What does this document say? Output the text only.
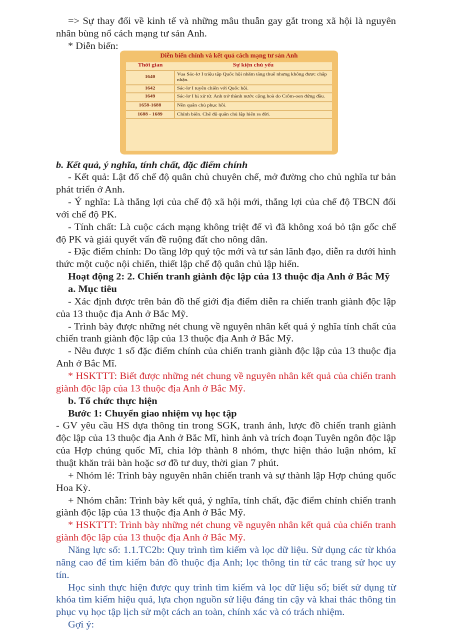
=> Sự thay đổi về kinh tế và những mâu thuẫn gay gắt trong xã hội là nguyên nhân bùng nổ cách mạng tư sản Anh.

* Diễn biến:

Diễn biến chính và kết quả cách mạng tư sản Anh
Thời gian	Sự kiện chủ yếu
1640	Vua Sác-lơ I triệu tập Quốc hội nhằm tăng thuế nhưng không được chấp nhận.
1642	Sác-lơ I tuyên chiến với Quốc hội.
1649	Sác-lơ I bị xử tử. Anh trở thành nước cộng hoà do Crôm-oen đứng đầu.
1658-1688	Nền quân chủ phục hồi.
1688 - 1689	Chính biến. Chế độ quân chủ lập hiến ra đời.

b. Kết quả, ý nghĩa, tính chất, đặc điểm chính

- Kết quả: Lật đổ chế độ quân chủ chuyên chế, mở đường cho chủ nghĩa tư bản phát triển ở Anh.

- Ý nghĩa: Là thắng lợi của chế độ xã hội mới, thắng lợi của chế độ TBCN đối với chế độ PK.

- Tính chất: Là cuộc cách mạng không triệt để vì đã không xoá bỏ tận gốc chế độ PK và giải quyết vấn đề ruộng đất cho nông dân.

- Đặc điểm chính: Do tầng lớp quý tộc mới và tư sản lãnh đạo, diễn ra dưới hình thức một cuộc nội chiến, thiết lập chế độ quân chủ lập hiến.

Hoạt động 2: 2. Chiến tranh giành độc lập của 13 thuộc địa Anh ở Bắc Mỹ

a. Mục tiêu

- Xác định được trên bản đồ thế giới địa điểm diễn ra chiến tranh giành độc lập của 13 thuộc địa Anh ở Bắc Mỹ.

- Trình bày được những nét chung về nguyên nhân kết quả ý nghĩa tính chất của chiến tranh giành độc lập của 13 thuộc địa Anh ở Bắc Mỹ.

- Nêu được 1 số đặc điểm chính của chiến tranh giành độc lập của 13 thuộc địa Anh ở Bắc Mĩ.

* HSKTTT: Biết được những nét chung về nguyên nhân kết quả của chiến tranh giành độc lập của 13 thuộc địa Anh ở Bắc Mỹ.

b. Tổ chức thực hiện

Bước 1: Chuyển giao nhiệm vụ học tập

- GV yêu cầu HS dựa thông tin trong SGK, tranh ảnh, lược đồ chiến tranh giành độc lập của 13 thuộc địa Anh ở Bắc Mĩ, hình ảnh và trích đoạn Tuyên ngôn độc lập của Hợp chúng quốc Mĩ, chia lớp thành 8 nhóm, thực hiện thảo luận nhóm, kĩ thuật khăn trải bàn hoặc sơ đồ tư duy, thời gian 7 phút.

+ Nhóm lẻ: Trình bày nguyên nhân chiến tranh và sự thành lập Hợp chúng quốc Hoa Kỳ.

+ Nhóm chẵn: Trình bày kết quả, ý nghĩa, tính chất, đặc điểm chính chiến tranh giành độc lập của 13 thuộc địa Anh ở Bắc Mỹ.

* HSKTTT: Trình bày những nét chung về nguyên nhân kết quả của chiến tranh giành độc lập của 13 thuộc địa Anh ở Bắc Mỹ.

Năng lực số: 1.1.TC2b: Quy trình tìm kiếm và lọc dữ liệu. Sử dụng các từ khóa nâng cao để tìm kiếm bản đồ thuộc địa Anh; lọc thông tin từ các trang sử học uy tín.

Học sinh thực hiện được quy trình tìm kiếm và lọc dữ liệu số; biết sử dụng từ khóa tìm kiếm hiệu quả, lựa chọn nguồn sử liệu đáng tin cậy và khai thác thông tin phục vụ học tập lịch sử một cách an toàn, chính xác và có trách nhiệm.

Gợi ý:
